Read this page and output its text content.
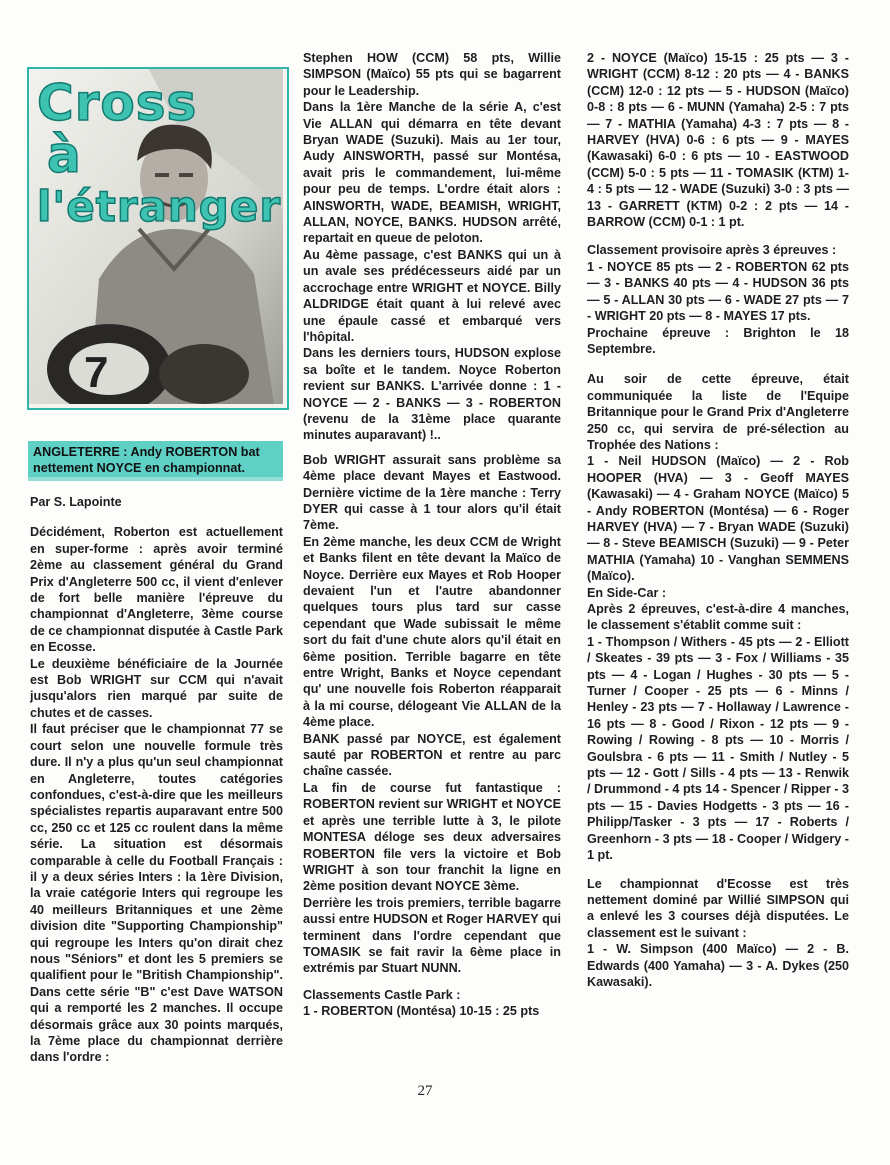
7
Cross
à
l'étranger
ANGLETERRE : Andy ROBERTON bat nettement NOYCE en championnat.

Par S. Lapointe

Décidément, Roberton est actuellement en super-forme : après avoir terminé 2ème au classement général du Grand Prix d'Angleterre 500 cc, il vient d'enlever de fort belle manière l'épreuve du championnat d'Angleterre, 3ème course de ce championnat disputée à Castle Park en Ecosse.

Le deuxième bénéficiaire de la Journée est Bob WRIGHT sur CCM qui n'avait jusqu'alors rien marqué par suite de chutes et de casses.

Il faut préciser que le championnat 77 se court selon une nouvelle formule très dure. Il n'y a plus qu'un seul championnat en Angleterre, toutes catégories confondues, c'est-à-dire que les meilleurs spécialistes repartis auparavant entre 500 cc, 250 cc et 125 cc roulent dans la même série. La situation est désormais comparable à celle du Football Français : il y a deux séries Inters : la 1ère Division, la vraie catégorie Inters qui regroupe les 40 meilleurs Britanniques et une 2ème division dite "Supporting Championship" qui regroupe les Inters qu'on dirait chez nous "Séniors" et dont les 5 premiers se qualifient pour le "British Championship". Dans cette série "B" c'est Dave WATSON qui a remporté les 2 manches. Il occupe désormais grâce aux 30 points marqués, la 7ème place du championnat derrière dans l'ordre :

Stephen HOW (CCM) 58 pts, Willie SIMPSON (Maïco) 55 pts qui se bagarrent pour le Leadership.

Dans la 1ère Manche de la série A, c'est Vie ALLAN qui démarra en tête devant Bryan WADE (Suzuki). Mais au 1er tour, Audy AINSWORTH, passé sur Montésa, avait pris le commandement, lui-même pour peu de temps. L'ordre était alors : AINSWORTH, WADE, BEAMISH, WRIGHT, ALLAN, NOYCE, BANKS. HUDSON arrêté, repartait en queue de peloton.

Au 4ème passage, c'est BANKS qui un à un avale ses prédécesseurs aidé par un accrochage entre WRIGHT et NOYCE. Billy ALDRIDGE était quant à lui relevé avec une épaule cassé et embarqué vers l'hôpital.

Dans les derniers tours, HUDSON explose sa boîte et le tandem. Noyce Roberton revient sur BANKS. L'arrivée donne : 1 - NOYCE — 2 - BANKS — 3 - ROBERTON (revenu de la 31ème place quarante minutes auparavant) !..

Bob WRIGHT assurait sans problème sa 4ème place devant Mayes et Eastwood. Dernière victime de la 1ère manche : Terry DYER qui casse à 1 tour alors qu'il était 7ème.

En 2ème manche, les deux CCM de Wright et Banks filent en tête devant la Maïco de Noyce. Derrière eux Mayes et Rob Hooper devaient l'un et l'autre abandonner quelques tours plus tard sur casse cependant que Wade subissait le même sort du fait d'une chute alors qu'il était en 6ème position. Terrible bagarre en tête entre Wright, Banks et Noyce cependant qu' une nouvelle fois Roberton réapparait à la mi course, délogeant Vie ALLAN de la 4ème place.

BANK passé par NOYCE, est également sauté par ROBERTON et rentre au parc chaîne cassée.

La fin de course fut fantastique : ROBERTON revient sur WRIGHT et NOYCE et après une terrible lutte à 3, le pilote MONTESA déloge ses deux adversaires ROBERTON file vers la victoire et Bob WRIGHT à son tour franchit la ligne en 2ème position devant NOYCE 3ème.

Derrière les trois premiers, terrible bagarre aussi entre HUDSON et Roger HARVEY qui terminent dans l'ordre cependant que TOMASIK se fait ravir la 6ème place in extrémis par Stuart NUNN.

Classements Castle Park :

1 - ROBERTON (Montésa) 10-15 : 25 pts

2 - NOYCE (Maïco) 15-15 : 25 pts — 3 - WRIGHT (CCM) 8-12 : 20 pts — 4 - BANKS (CCM) 12-0 : 12 pts — 5 - HUDSON (Maïco) 0-8 : 8 pts — 6 - MUNN (Yamaha) 2-5 : 7 pts — 7 - MATHIA (Yamaha) 4-3 : 7 pts — 8 - HARVEY (HVA) 0-6 : 6 pts — 9 - MAYES (Kawasaki) 6-0 : 6 pts — 10 - EASTWOOD (CCM) 5-0 : 5 pts — 11 - TOMASIK (KTM) 1-4 : 5 pts — 12 - WADE (Suzuki) 3-0 : 3 pts — 13 - GARRETT (KTM) 0-2 : 2 pts — 14 - BARROW (CCM) 0-1 : 1 pt.

Classement provisoire après 3 épreuves :

1 - NOYCE 85 pts — 2 - ROBERTON 62 pts — 3 - BANKS 40 pts — 4 - HUDSON 36 pts — 5 - ALLAN 30 pts — 6 - WADE 27 pts — 7 - WRIGHT 20 pts — 8 - MAYES 17 pts.

Prochaine épreuve : Brighton le 18 Septembre.

Au soir de cette épreuve, était communiquée la liste de l'Equipe Britannique pour le Grand Prix d'Angleterre 250 cc, qui servira de pré-sélection au Trophée des Nations :

1 - Neil HUDSON (Maïco) — 2 - Rob HOOPER (HVA) — 3 - Geoff MAYES (Kawasaki) — 4 - Graham NOYCE (Maïco) 5 - Andy ROBERTON (Montésa) — 6 - Roger HARVEY (HVA) — 7 - Bryan WADE (Suzuki) — 8 - Steve BEAMISCH (Suzuki) — 9 - Peter MATHIA (Yamaha) 10 - Vanghan SEMMENS (Maïco).

En Side-Car :

Après 2 épreuves, c'est-à-dire 4 manches, le classement s'établit comme suit :

1 - Thompson / Withers - 45 pts — 2 - Elliott / Skeates - 39 pts — 3 - Fox / Williams - 35 pts — 4 - Logan / Hughes - 30 pts — 5 - Turner / Cooper - 25 pts — 6 - Minns / Henley - 23 pts — 7 - Hollaway / Lawrence - 16 pts — 8 - Good / Rixon - 12 pts — 9 - Rowing / Rowing - 8 pts — 10 - Morris / Goulsbra - 6 pts — 11 - Smith / Nutley - 5 pts — 12 - Gott / Sills - 4 pts — 13 - Renwik / Drummond - 4 pts 14 - Spencer / Ripper - 3 pts — 15 - Davies Hodgetts - 3 pts — 16 - Philipp/Tasker - 3 pts — 17 - Roberts / Greenhorn - 3 pts — 18 - Cooper / Widgery - 1 pt.

Le championnat d'Ecosse est très nettement dominé par Willié SIMPSON qui a enlevé les 3 courses déjà disputées. Le classement est le suivant :

1 - W. Simpson (400 Maïco) — 2 - B. Edwards (400 Yamaha) — 3 - A. Dykes (250 Kawasaki).

27
